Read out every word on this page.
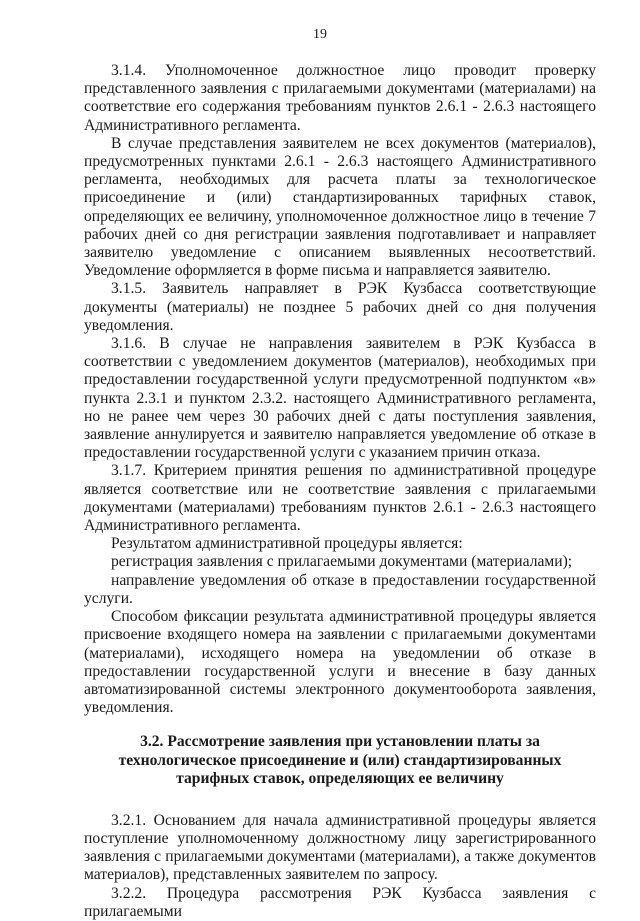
19

3.1.4. Уполномоченное должностное лицо проводит проверку представленного заявления с прилагаемыми документами (материалами) на соответствие его содержания требованиям пунктов 2.6.1 - 2.6.3 настоящего Административного регламента.

В случае представления заявителем не всех документов (материалов), предусмотренных пунктами 2.6.1 - 2.6.3 настоящего Административного регламента, необходимых для расчета платы за технологическое присоединение и (или) стандартизированных тарифных ставок, определяющих ее величину, уполномоченное должностное лицо в течение 7 рабочих дней со дня регистрации заявления подготавливает и направляет заявителю уведомление с описанием выявленных несоответствий. Уведомление оформляется в форме письма и направляется заявителю.

3.1.5. Заявитель направляет в РЭК Кузбасса соответствующие документы (материалы) не позднее 5 рабочих дней со дня получения уведомления.

3.1.6. В случае не направления заявителем в РЭК Кузбасса в соответствии с уведомлением документов (материалов), необходимых при предоставлении государственной услуги предусмотренной подпунктом «в» пункта 2.3.1 и пунктом 2.3.2. настоящего Административного регламента, но не ранее чем через 30 рабочих дней с даты поступления заявления, заявление аннулируется и заявителю направляется уведомление об отказе в предоставлении государственной услуги с указанием причин отказа.

3.1.7. Критерием принятия решения по административной процедуре является соответствие или не соответствие заявления с прилагаемыми документами (материалами) требованиям пунктов 2.6.1 - 2.6.3 настоящего Административного регламента.

Результатом административной процедуры является:

регистрация заявления с прилагаемыми документами (материалами);

направление уведомления об отказе в предоставлении государственной услуги.

Способом фиксации результата административной процедуры является присвоение входящего номера на заявлении с прилагаемыми документами (материалами), исходящего номера на уведомлении об отказе в предоставлении государственной услуги и внесение в базу данных автоматизированной системы электронного документооборота заявления, уведомления.

3.2. Рассмотрение заявления при установлении платы за технологическое присоединение и (или) стандартизированных тарифных ставок, определяющих ее величину

3.2.1. Основанием для начала административной процедуры является поступление уполномоченному должностному лицу зарегистрированного заявления с прилагаемыми документами (материалами), а также документов материалов), представленных заявителем по запросу.

3.2.2. Процедура рассмотрения РЭК Кузбасса заявления с прилагаемыми
